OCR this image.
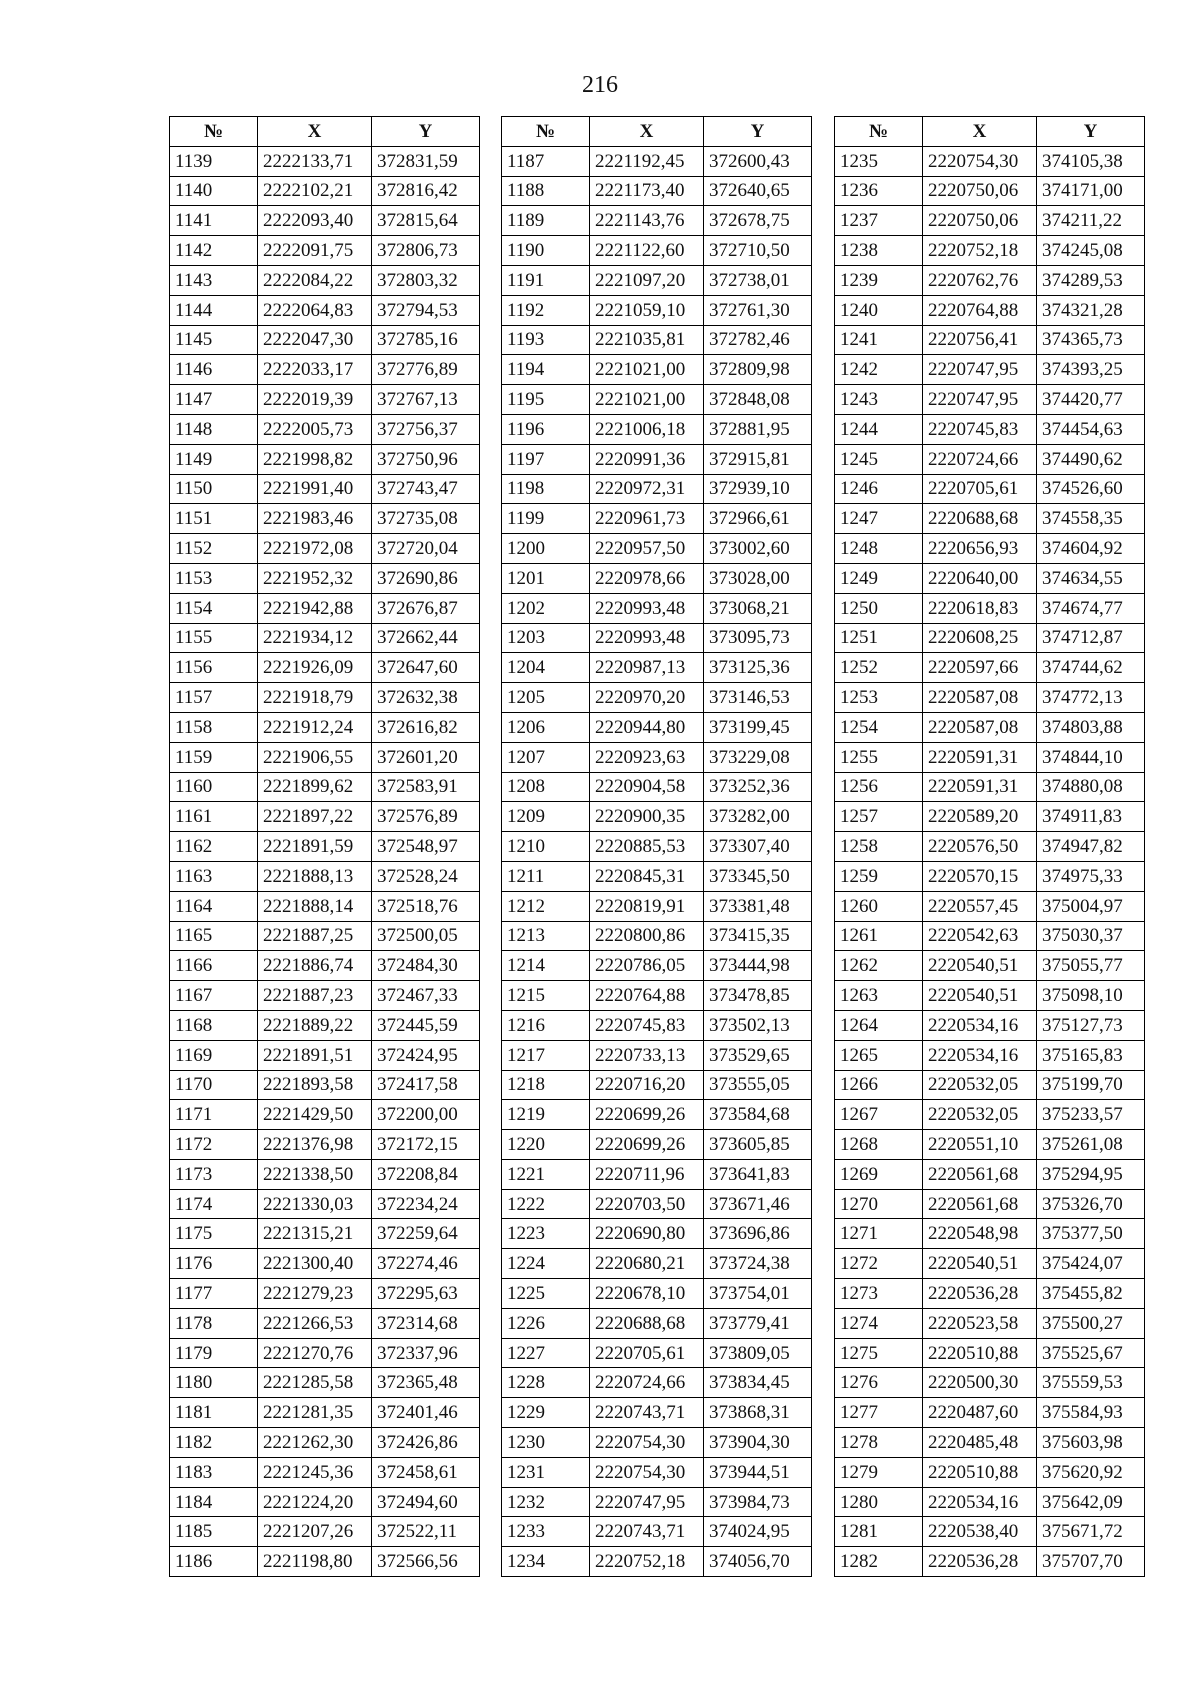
216
№	X	Y
1139	2222133,71	372831,59
1140	2222102,21	372816,42
1141	2222093,40	372815,64
1142	2222091,75	372806,73
1143	2222084,22	372803,32
1144	2222064,83	372794,53
1145	2222047,30	372785,16
1146	2222033,17	372776,89
1147	2222019,39	372767,13
1148	2222005,73	372756,37
1149	2221998,82	372750,96
1150	2221991,40	372743,47
1151	2221983,46	372735,08
1152	2221972,08	372720,04
1153	2221952,32	372690,86
1154	2221942,88	372676,87
1155	2221934,12	372662,44
1156	2221926,09	372647,60
1157	2221918,79	372632,38
1158	2221912,24	372616,82
1159	2221906,55	372601,20
1160	2221899,62	372583,91
1161	2221897,22	372576,89
1162	2221891,59	372548,97
1163	2221888,13	372528,24
1164	2221888,14	372518,76
1165	2221887,25	372500,05
1166	2221886,74	372484,30
1167	2221887,23	372467,33
1168	2221889,22	372445,59
1169	2221891,51	372424,95
1170	2221893,58	372417,58
1171	2221429,50	372200,00
1172	2221376,98	372172,15
1173	2221338,50	372208,84
1174	2221330,03	372234,24
1175	2221315,21	372259,64
1176	2221300,40	372274,46
1177	2221279,23	372295,63
1178	2221266,53	372314,68
1179	2221270,76	372337,96
1180	2221285,58	372365,48
1181	2221281,35	372401,46
1182	2221262,30	372426,86
1183	2221245,36	372458,61
1184	2221224,20	372494,60
1185	2221207,26	372522,11
1186	2221198,80	372566,56
№	X	Y
1187	2221192,45	372600,43
1188	2221173,40	372640,65
1189	2221143,76	372678,75
1190	2221122,60	372710,50
1191	2221097,20	372738,01
1192	2221059,10	372761,30
1193	2221035,81	372782,46
1194	2221021,00	372809,98
1195	2221021,00	372848,08
1196	2221006,18	372881,95
1197	2220991,36	372915,81
1198	2220972,31	372939,10
1199	2220961,73	372966,61
1200	2220957,50	373002,60
1201	2220978,66	373028,00
1202	2220993,48	373068,21
1203	2220993,48	373095,73
1204	2220987,13	373125,36
1205	2220970,20	373146,53
1206	2220944,80	373199,45
1207	2220923,63	373229,08
1208	2220904,58	373252,36
1209	2220900,35	373282,00
1210	2220885,53	373307,40
1211	2220845,31	373345,50
1212	2220819,91	373381,48
1213	2220800,86	373415,35
1214	2220786,05	373444,98
1215	2220764,88	373478,85
1216	2220745,83	373502,13
1217	2220733,13	373529,65
1218	2220716,20	373555,05
1219	2220699,26	373584,68
1220	2220699,26	373605,85
1221	2220711,96	373641,83
1222	2220703,50	373671,46
1223	2220690,80	373696,86
1224	2220680,21	373724,38
1225	2220678,10	373754,01
1226	2220688,68	373779,41
1227	2220705,61	373809,05
1228	2220724,66	373834,45
1229	2220743,71	373868,31
1230	2220754,30	373904,30
1231	2220754,30	373944,51
1232	2220747,95	373984,73
1233	2220743,71	374024,95
1234	2220752,18	374056,70
№	X	Y
1235	2220754,30	374105,38
1236	2220750,06	374171,00
1237	2220750,06	374211,22
1238	2220752,18	374245,08
1239	2220762,76	374289,53
1240	2220764,88	374321,28
1241	2220756,41	374365,73
1242	2220747,95	374393,25
1243	2220747,95	374420,77
1244	2220745,83	374454,63
1245	2220724,66	374490,62
1246	2220705,61	374526,60
1247	2220688,68	374558,35
1248	2220656,93	374604,92
1249	2220640,00	374634,55
1250	2220618,83	374674,77
1251	2220608,25	374712,87
1252	2220597,66	374744,62
1253	2220587,08	374772,13
1254	2220587,08	374803,88
1255	2220591,31	374844,10
1256	2220591,31	374880,08
1257	2220589,20	374911,83
1258	2220576,50	374947,82
1259	2220570,15	374975,33
1260	2220557,45	375004,97
1261	2220542,63	375030,37
1262	2220540,51	375055,77
1263	2220540,51	375098,10
1264	2220534,16	375127,73
1265	2220534,16	375165,83
1266	2220532,05	375199,70
1267	2220532,05	375233,57
1268	2220551,10	375261,08
1269	2220561,68	375294,95
1270	2220561,68	375326,70
1271	2220548,98	375377,50
1272	2220540,51	375424,07
1273	2220536,28	375455,82
1274	2220523,58	375500,27
1275	2220510,88	375525,67
1276	2220500,30	375559,53
1277	2220487,60	375584,93
1278	2220485,48	375603,98
1279	2220510,88	375620,92
1280	2220534,16	375642,09
1281	2220538,40	375671,72
1282	2220536,28	375707,70
